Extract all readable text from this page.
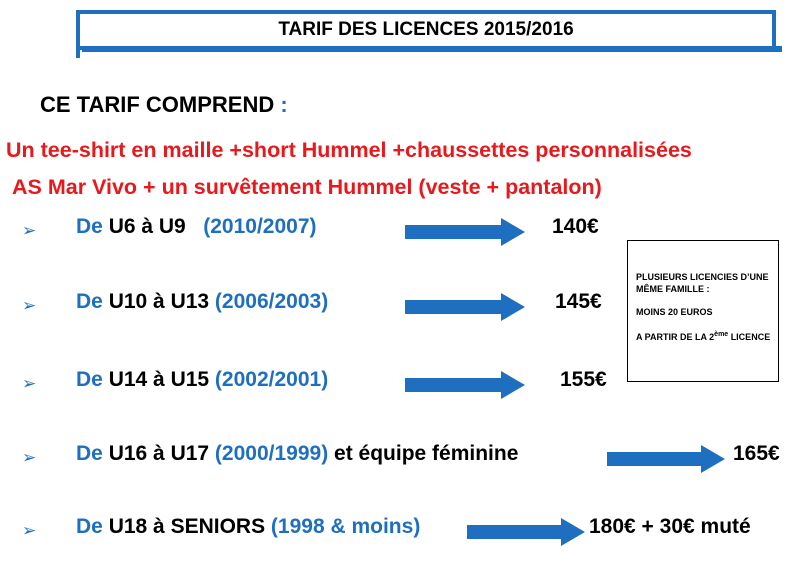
TARIF DES LICENCES 2015/2016
CE TARIF COMPREND :
Un tee-shirt en maille +short Hummel +chaussettes personnalisées
AS Mar Vivo + un survêtement Hummel (veste + pantalon)
➢ De U6 à U9   (2010/2007)	140€
➢ De U10 à U13 (2006/2003)	145€
➢ De U14 à U15 (2002/2001)	155€
➢ De U16 à U17 (2000/1999) et équipe féminine	165€
➢ De U18 à SENIORS (1998 & moins)	180€ + 30€ muté

PLUSIEURS LICENCIES D’UNE MÊME FAMILLE :

MOINS 20 EUROS

A PARTIR DE LA 2ème LICENCE
